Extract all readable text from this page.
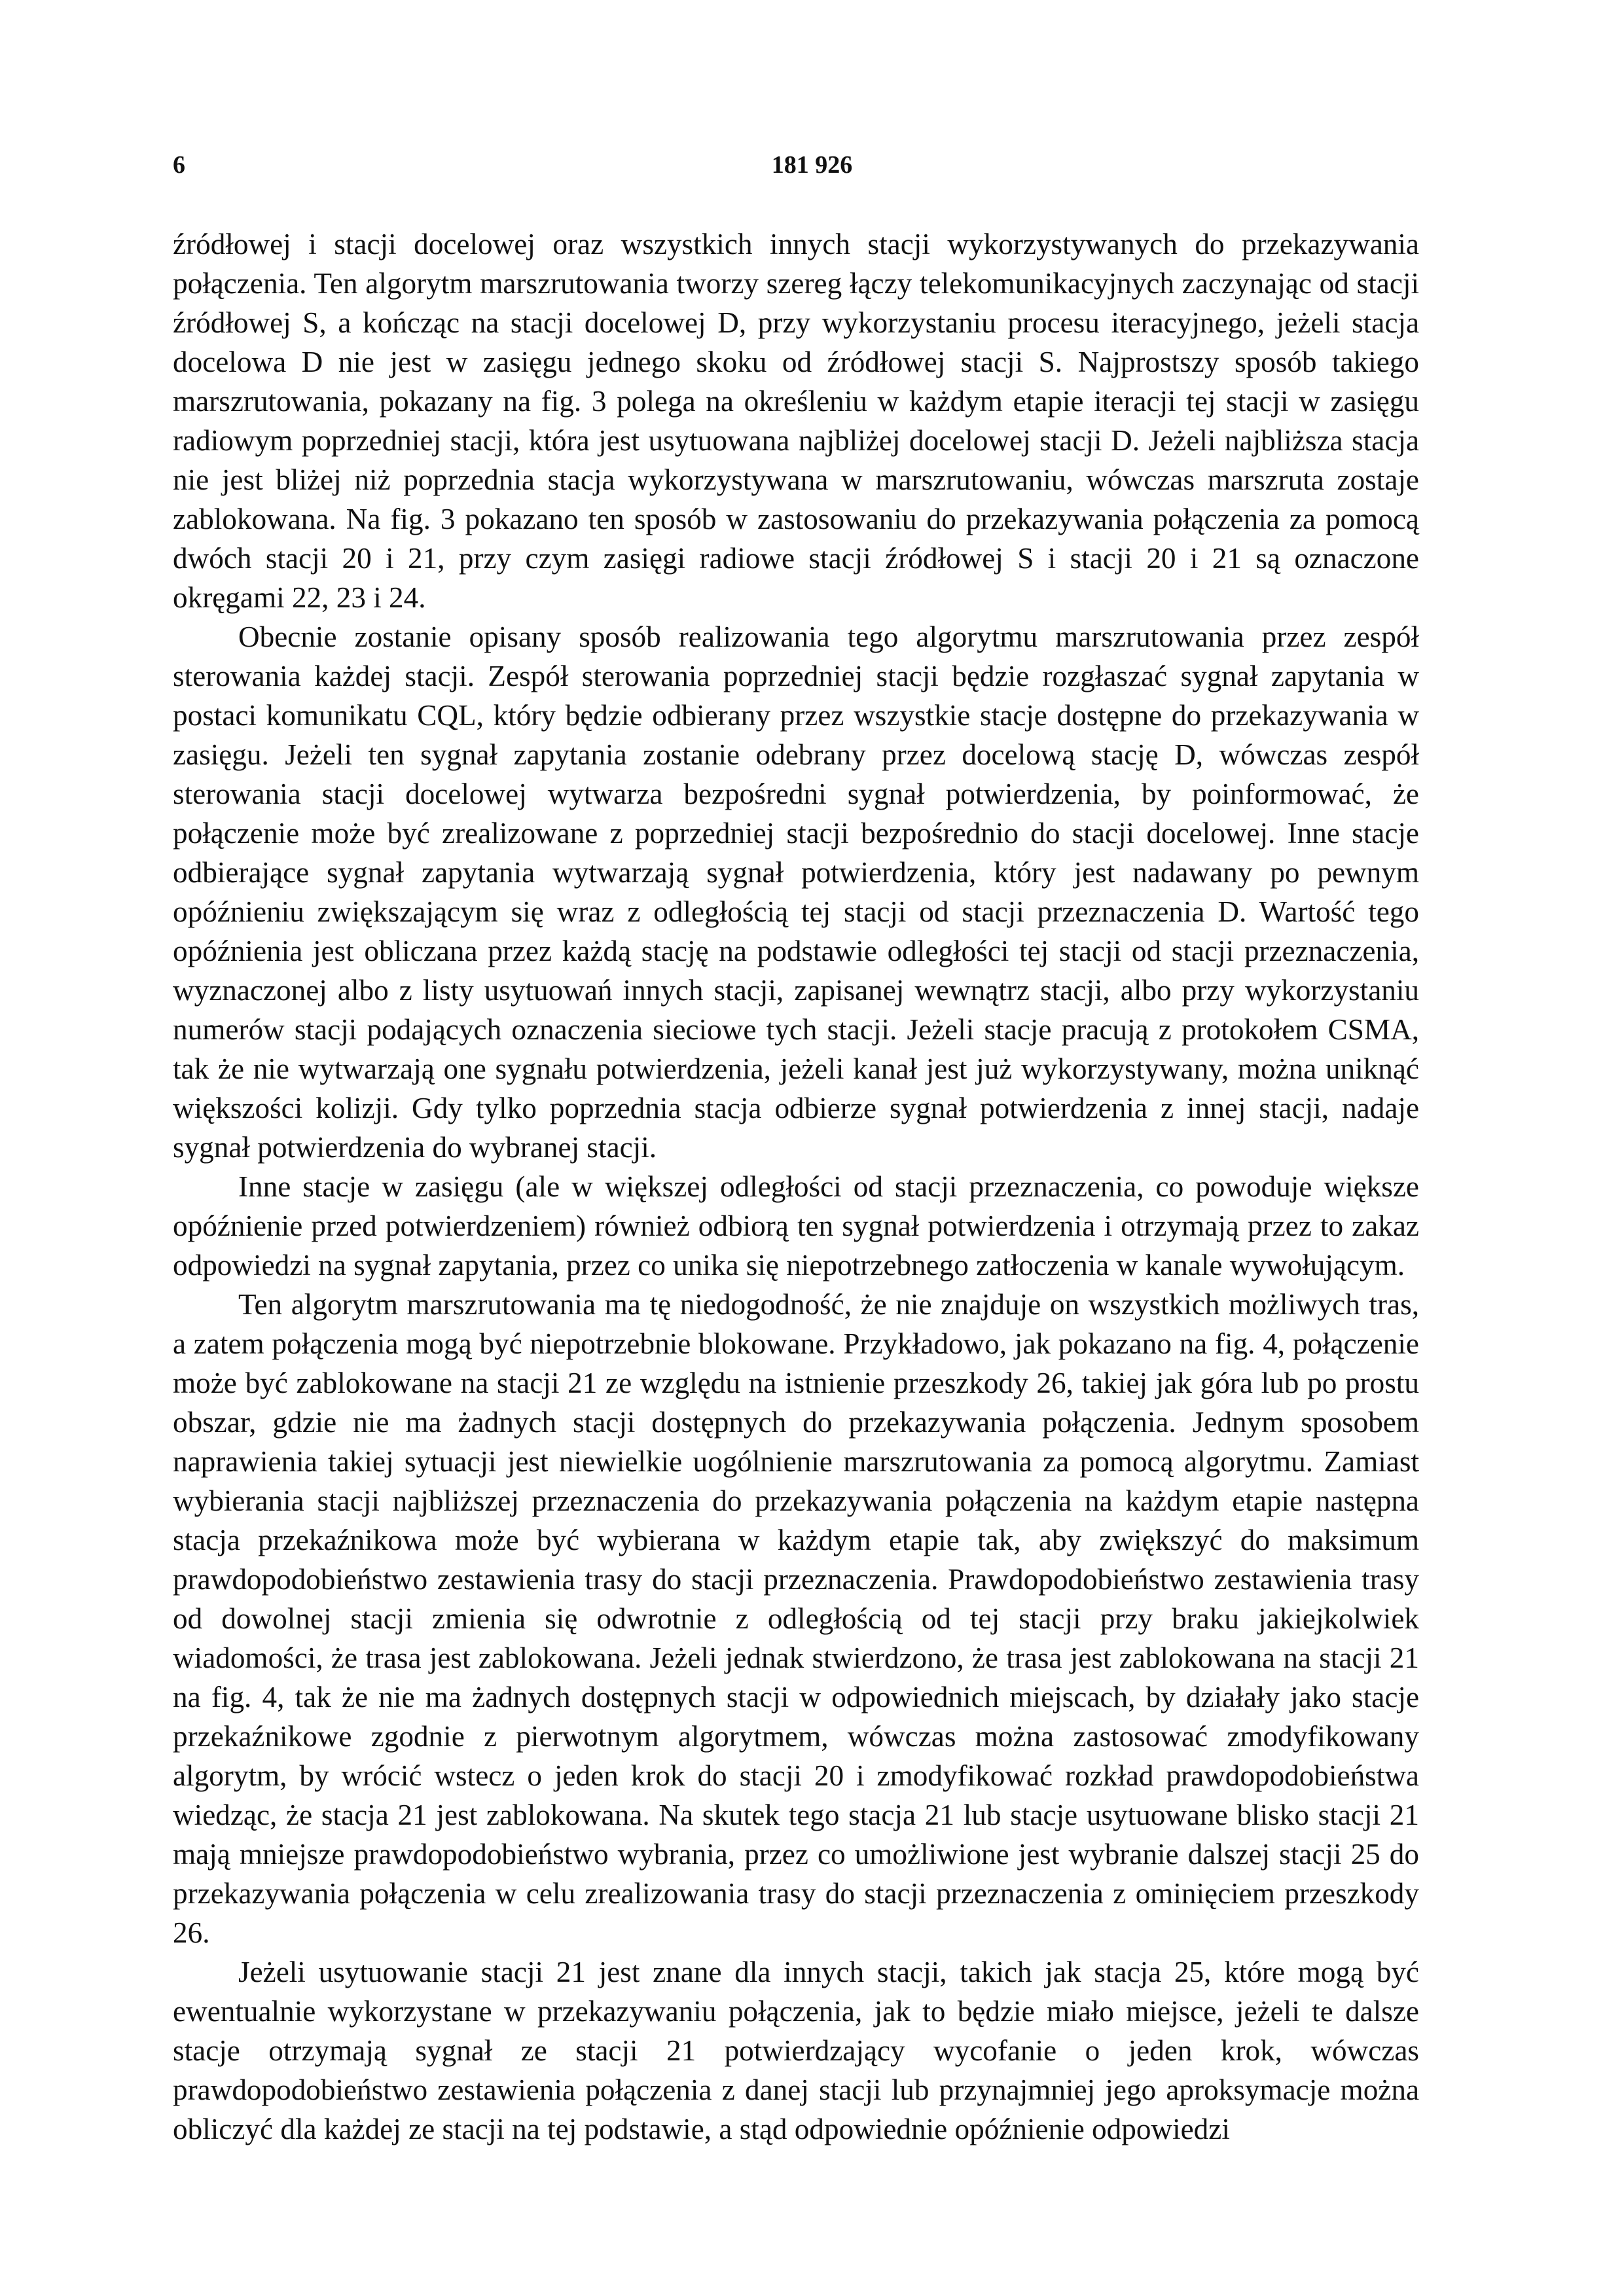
6	181 926

źródłowej i stacji docelowej oraz wszystkich innych stacji wykorzystywanych do przekazywania połączenia. Ten algorytm marszrutowania tworzy szereg łączy telekomunikacyjnych zaczynając od stacji źródłowej S, a kończąc na stacji docelowej D, przy wykorzystaniu procesu iteracyjnego, jeżeli stacja docelowa D nie jest w zasięgu jednego skoku od źródłowej stacji S. Najprostszy sposób takiego marszrutowania, pokazany na fig. 3 polega na określeniu w każdym etapie iteracji tej stacji w zasięgu radiowym poprzedniej stacji, która jest usytuowana najbliżej docelowej stacji D. Jeżeli najbliższa stacja nie jest bliżej niż poprzednia stacja wykorzystywana w marszrutowaniu, wówczas marszruta zostaje zablokowana. Na fig. 3 pokazano ten sposób w zastosowaniu do przekazywania połączenia za pomocą dwóch stacji 20 i 21, przy czym zasięgi radiowe stacji źródłowej S i stacji 20 i 21 są oznaczone okręgami 22, 23 i 24.

Obecnie zostanie opisany sposób realizowania tego algorytmu marszrutowania przez zespół sterowania każdej stacji. Zespół sterowania poprzedniej stacji będzie rozgłaszać sygnał zapytania w postaci komunikatu CQL, który będzie odbierany przez wszystkie stacje dostępne do przekazywania w zasięgu. Jeżeli ten sygnał zapytania zostanie odebrany przez docelową stację D, wówczas zespół sterowania stacji docelowej wytwarza bezpośredni sygnał potwierdzenia, by poinformować, że połączenie może być zrealizowane z poprzedniej stacji bezpośrednio do stacji docelowej. Inne stacje odbierające sygnał zapytania wytwarzają sygnał potwierdzenia, który jest nadawany po pewnym opóźnieniu zwiększającym się wraz z odległością tej stacji od stacji przeznaczenia D. Wartość tego opóźnienia jest obliczana przez każdą stację na podstawie odległości tej stacji od stacji przeznaczenia, wyznaczonej albo z listy usytuowań innych stacji, zapisanej wewnątrz stacji, albo przy wykorzystaniu numerów stacji podających oznaczenia sieciowe tych stacji. Jeżeli stacje pracują z protokołem CSMA, tak że nie wytwarzają one sygnału potwierdzenia, jeżeli kanał jest już wykorzystywany, można uniknąć większości kolizji. Gdy tylko poprzednia stacja odbierze sygnał potwierdzenia z innej stacji, nadaje sygnał potwierdzenia do wybranej stacji.

Inne stacje w zasięgu (ale w większej odległości od stacji przeznaczenia, co powoduje większe opóźnienie przed potwierdzeniem) również odbiorą ten sygnał potwierdzenia i otrzymają przez to zakaz odpowiedzi na sygnał zapytania, przez co unika się niepotrzebnego zatłoczenia w kanale wywołującym.

Ten algorytm marszrutowania ma tę niedogodność, że nie znajduje on wszystkich możliwych tras, a zatem połączenia mogą być niepotrzebnie blokowane. Przykładowo, jak pokazano na fig. 4, połączenie może być zablokowane na stacji 21 ze względu na istnienie przeszkody 26, takiej jak góra lub po prostu obszar, gdzie nie ma żadnych stacji dostępnych do przekazywania połączenia. Jednym sposobem naprawienia takiej sytuacji jest niewielkie uogólnienie marszrutowania za pomocą algorytmu. Zamiast wybierania stacji najbliższej przeznaczenia do przekazywania połączenia na każdym etapie następna stacja przekaźnikowa może być wybierana w każdym etapie tak, aby zwiększyć do maksimum prawdopodobieństwo zestawienia trasy do stacji przeznaczenia. Prawdopodobieństwo zestawienia trasy od dowolnej stacji zmienia się odwrotnie z odległością od tej stacji przy braku jakiejkolwiek wiadomości, że trasa jest zablokowana. Jeżeli jednak stwierdzono, że trasa jest zablokowana na stacji 21 na fig. 4, tak że nie ma żadnych dostępnych stacji w odpowiednich miejscach, by działały jako stacje przekaźnikowe zgodnie z pierwotnym algorytmem, wówczas można zastosować zmodyfikowany algorytm, by wrócić wstecz o jeden krok do stacji 20 i zmodyfikować rozkład prawdopodobieństwa wiedząc, że stacja 21 jest zablokowana. Na skutek tego stacja 21 lub stacje usytuowane blisko stacji 21 mają mniejsze prawdopodobieństwo wybrania, przez co umożliwione jest wybranie dalszej stacji 25 do przekazywania połączenia w celu zrealizowania trasy do stacji przeznaczenia z ominięciem przeszkody 26.

Jeżeli usytuowanie stacji 21 jest znane dla innych stacji, takich jak stacja 25, które mogą być ewentualnie wykorzystane w przekazywaniu połączenia, jak to będzie miało miejsce, jeżeli te dalsze stacje otrzymają sygnał ze stacji 21 potwierdzający wycofanie o jeden krok, wówczas prawdopodobieństwo zestawienia połączenia z danej stacji lub przynajmniej jego aproksymacje można obliczyć dla każdej ze stacji na tej podstawie, a stąd odpowiednie opóźnienie odpowiedzi
